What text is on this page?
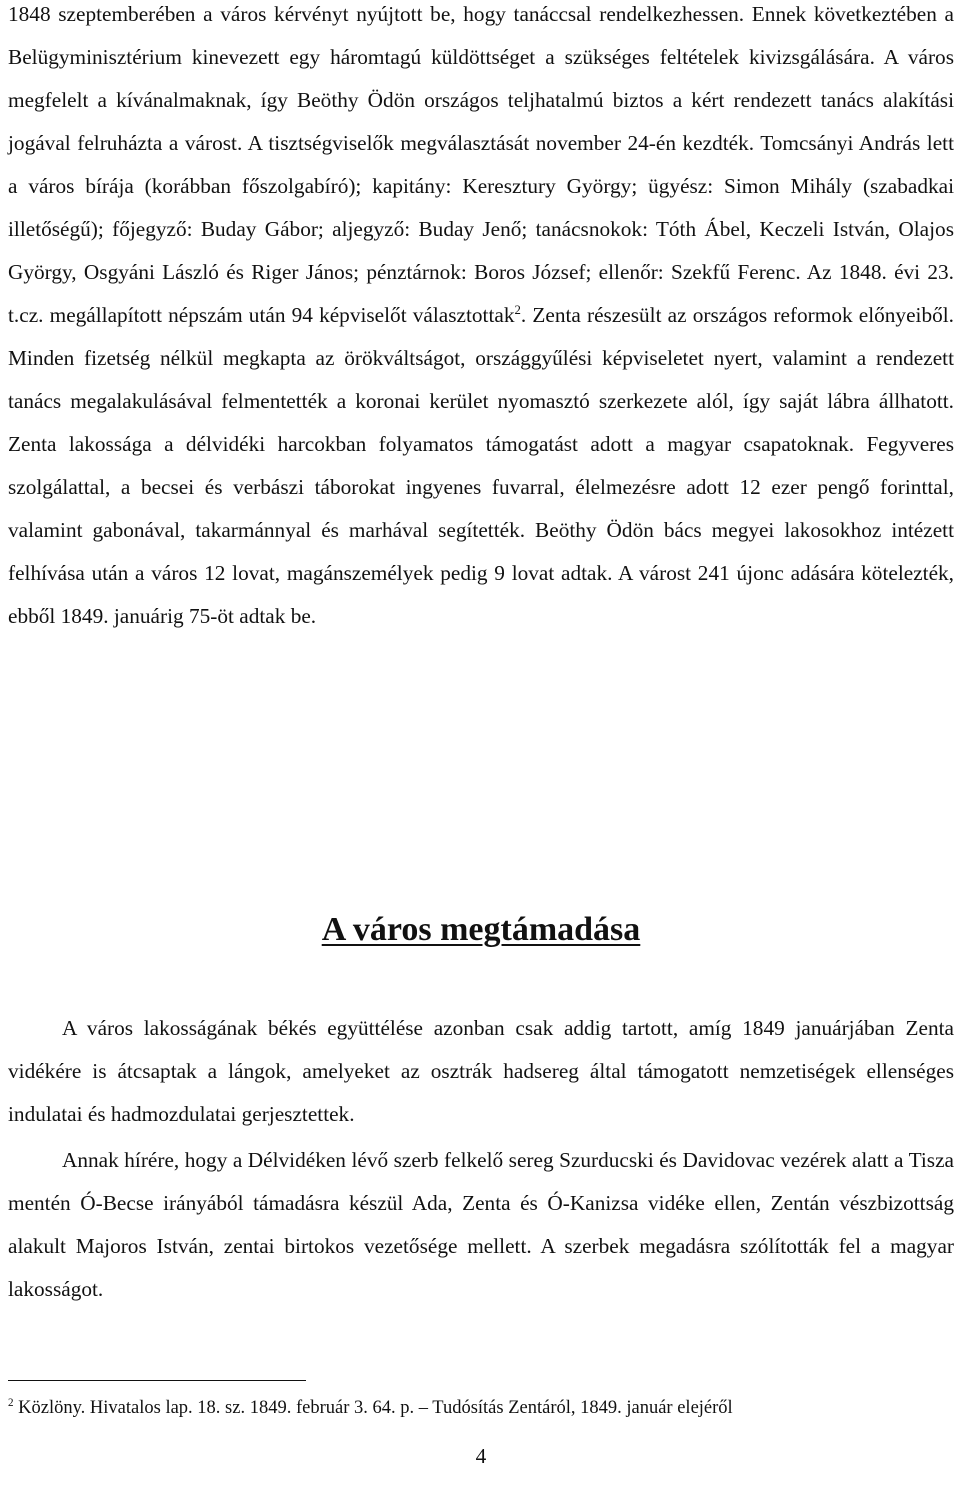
1848 szeptemberében a város kérvényt nyújtott be, hogy tanáccsal rendelkezhessen. Ennek következtében a Belügyminisztérium kinevezett egy háromtagú küldöttséget a szükséges feltételek kivizsgálására. A város megfelelt a kívánalmaknak, így Beöthy Ödön országos teljhatalmú biztos a kért rendezett tanács alakítási jogával felruházta a várost. A tisztségviselők megválasztását november 24-én kezdték. Tomcsányi András lett a város bírája (korábban főszolgabíró); kapitány: Keresztury György; ügyész: Simon Mihály (szabadkai illetőségű); főjegyző: Buday Gábor; aljegyző: Buday Jenő; tanácsnokok: Tóth Ábel, Keczeli István, Olajos György, Osgyáni László és Riger János; pénztárnok: Boros József; ellenőr: Szekfű Ferenc. Az 1848. évi 23. t.cz. megállapított népszám után 94 képviselőt választottak$^2$. Zenta részesült az országos reformok előnyeiből. Minden fizetség nélkül megkapta az örökváltságot, országgyűlési képviseletet nyert, valamint a rendezett tanács megalakulásával felmentették a koronai kerület nyomasztó szerkezete alól, így saját lábra állhatott. Zenta lakossága a délvidéki harcokban folyamatos támogatást adott a magyar csapatoknak. Fegyveres szolgálattal, a becsei és verbászi táborokat ingyenes fuvarral, élelmezésre adott 12 ezer pengő forinttal, valamint gabonával, takarmánnyal és marhával segítették. Beöthy Ödön bács megyei lakosokhoz intézett felhívása után a város 12 lovat, magánszemélyek pedig 9 lovat adtak. A várost 241 újonc adására kötelezték, ebből 1849. januárig 75-öt adtak be.

A város megtámadása

A város lakosságának békés együttélése azonban csak addig tartott, amíg 1849 januárjában Zenta vidékére is átcsaptak a lángok, amelyeket az osztrák hadsereg által támogatott nemzetiségek ellenséges indulatai és hadmozdulatai gerjesztettek.

Annak hírére, hogy a Délvidéken lévő szerb felkelő sereg Szurducski és Davidovac vezérek alatt a Tisza mentén Ó-Becse irányából támadásra készül Ada, Zenta és Ó-Kanizsa vidéke ellen, Zentán vészbizottság alakult Majoros István, zentai birtokos vezetősége mellett. A szerbek megadásra szólították fel a magyar lakosságot.

$^2$ Közlöny. Hivatalos lap. 18. sz. 1849. február 3. 64. p. – Tudósítás Zentáról, 1849. január elejéről

4
